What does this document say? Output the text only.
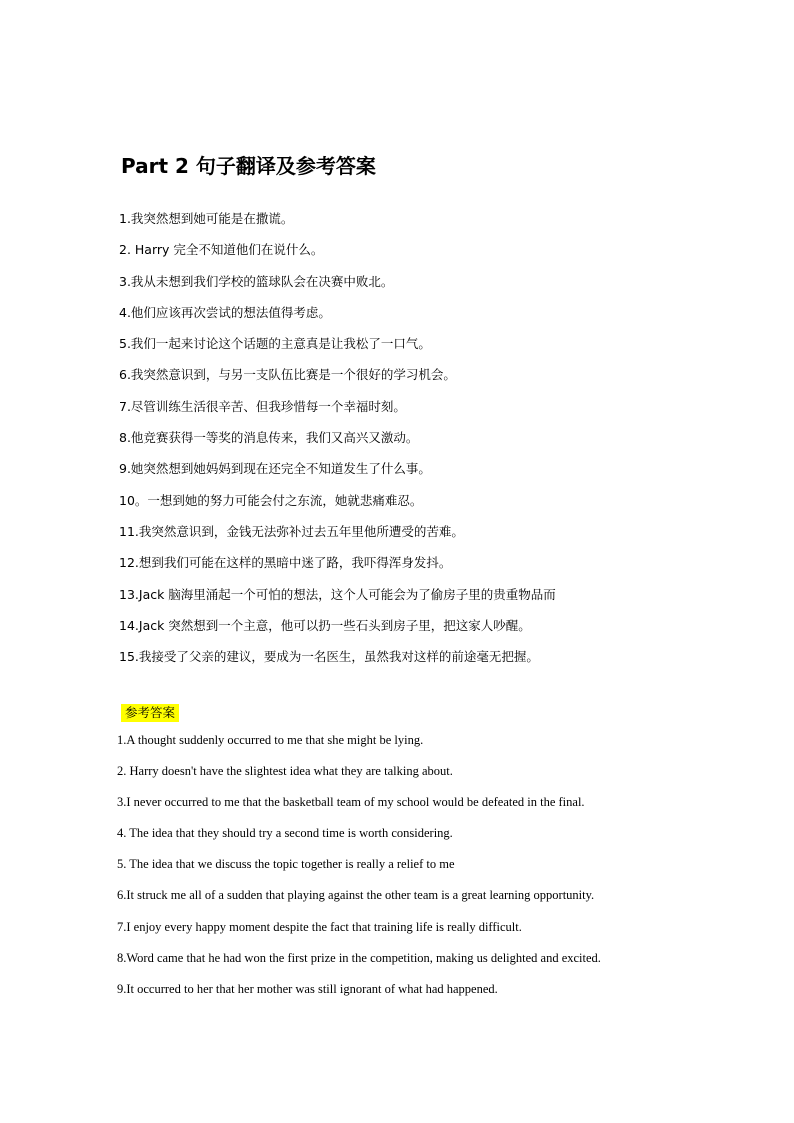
Part 2 句子翻译及参考答案
1.我突然想到她可能是在撒谎。
2. Harry 完全不知道他们在说什么。
3.我从未想到我们学校的篮球队会在决赛中败北。
4.他们应该再次尝试的想法值得考虑。
5.我们一起来讨论这个话题的主意真是让我松了一口气。
6.我突然意识到，与另一支队伍比赛是一个很好的学习机会。
7.尽管训练生活很辛苦、但我珍惜每一个幸福时刻。
8.他竞赛获得一等奖的消息传来，我们又高兴又激动。
9.她突然想到她妈妈到现在还完全不知道发生了什么事。
10。一想到她的努力可能会付之东流，她就悲痛难忍。
11.我突然意识到，金钱无法弥补过去五年里他所遭受的苦难。
12.想到我们可能在这样的黑暗中迷了路，我吓得浑身发抖。
13.Jack 脑海里涌起一个可怕的想法，这个人可能会为了偷房子里的贵重物品而
14.Jack 突然想到一个主意，他可以扔一些石头到房子里，把这家人吵醒。
15.我接受了父亲的建议，要成为一名医生，虽然我对这样的前途毫无把握。
参考答案
1.A thought suddenly occurred to me that she might be lying.
2. Harry doesn't have the slightest idea what they are talking about.
3.I never occurred to me that the basketball team of my school would be defeated in the final.
4. The idea that they should try a second time is worth considering.
5. The idea that we discuss the topic together is really a relief to me
6.It struck me all of a sudden that playing against the other team is a great learning opportunity.
7.I enjoy every happy moment despite the fact that training life is really difficult.
8.Word came that he had won the first prize in the competition, making us delighted and excited.
9.It occurred to her that her mother was still ignorant of what had happened.
